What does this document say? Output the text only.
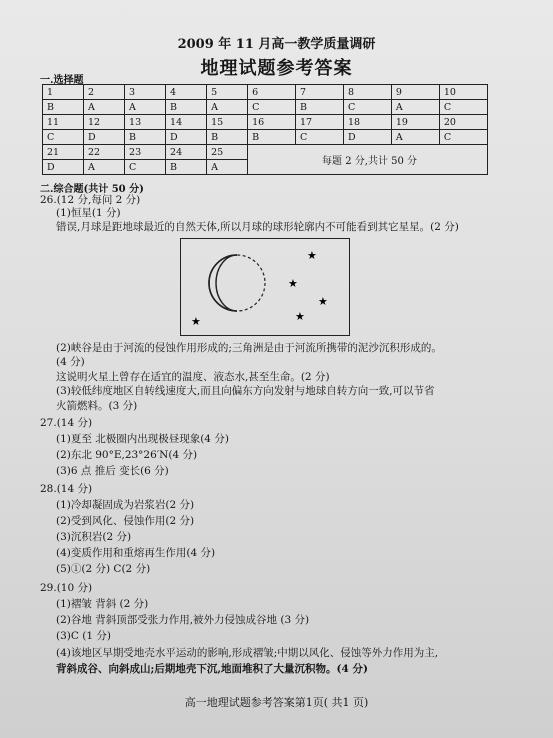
2009 年 11 月高一教学质量调研
地理试题参考答案
一.选择题
1	2	3	4	5	6	7	8	9	10
B	A	A	B	A	C	B	C	A	C
11	12	13	14	15	16	17	18	19	20
C	D	B	D	B	B	C	D	A	C
21	22	23	24	25	每题 2 分,共计 50 分				
D	A	C	B	A					
二.综合题(共计 50 分)
26.(12 分,每问 2 分)
(1)恒星(1 分)
错误,月球是距地球最近的自然天体,所以月球的球形轮廓内不可能看到其它星星。(2 分)
★
★
★
★
★
(2)峡谷是由于河流的侵蚀作用形成的;三角洲是由于河流所携带的泥沙沉积形成的。
(4 分)
这说明火星上曾存在适宜的温度、液态水,甚至生命。(2 分)
(3)较低纬度地区自转线速度大,而且向偏东方向发射与地球自转方向一致,可以节省
火箭燃料。(3 分)
27.(14 分)
(1)夏至 北极圈内出现极昼现象(4 分)
(2)东北 90°E,23°26′N(4 分)
(3)6 点 推后 变长(6 分)
28.(14 分)
(1)冷却凝固成为岩浆岩(2 分)
(2)受到风化、侵蚀作用(2 分)
(3)沉积岩(2 分)
(4)变质作用和重熔再生作用(4 分)
(5)①(2 分) C(2 分)
29.(10 分)
(1)褶皱 背斜 (2 分)
(2)谷地 背斜顶部受张力作用,被外力侵蚀成谷地 (3 分)
(3)C (1 分)
(4)该地区早期受地壳水平运动的影响,形成褶皱;中期以风化、侵蚀等外力作用为主,
背斜成谷、向斜成山;后期地壳下沉,地面堆积了大量沉积物。(4 分)
高一地理试题参考答案第1页( 共1 页)
